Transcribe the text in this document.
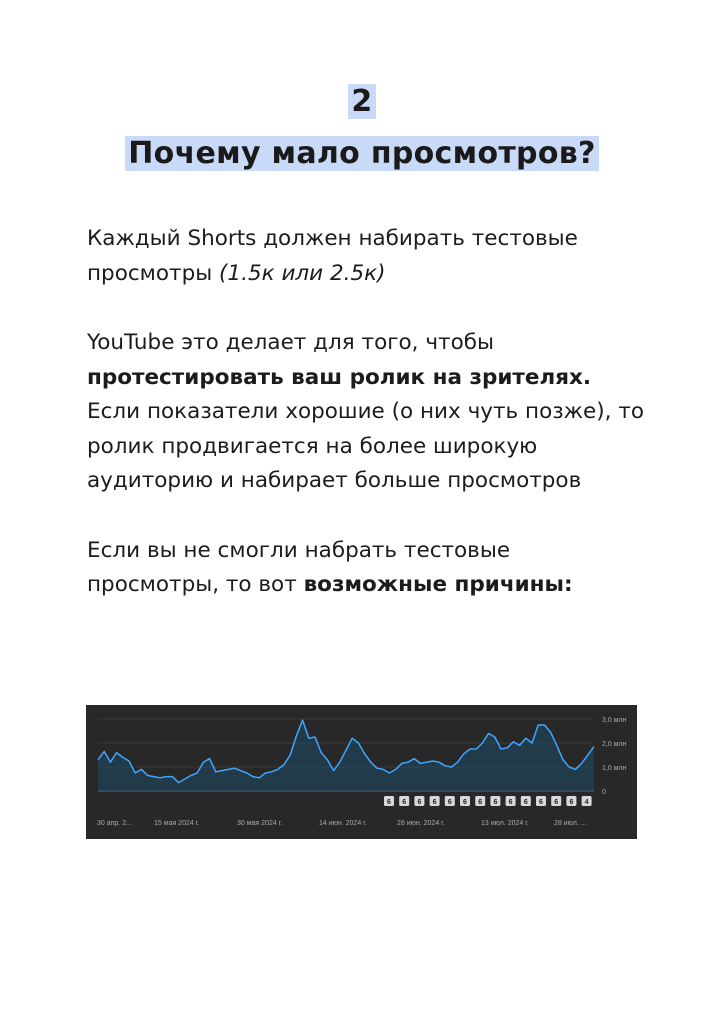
2
Почему мало просмотров?

Каждый Shorts должен набирать тестовые просмотры (1.5к или 2.5к)

YouTube это делает для того, чтобы протестировать ваш ролик на зрителях. Если показатели хорошие (о них чуть позже), то ролик продвигается на более широкую аудиторию и набирает больше просмотров

Если вы не смогли набрать тестовые просмотры, то вот возможные причины:

3,0 млн
2,0 млн
1,0 млн
0
6 6 6 6 6 6 6 6 6 6 6 6 6 4
30 апр. 2...	15 мая 2024 г.	30 мая 2024 г.	14 июн. 2024 г.	28 июн. 2024 г.	13 июл. 2024 г.	28 июл. ...
